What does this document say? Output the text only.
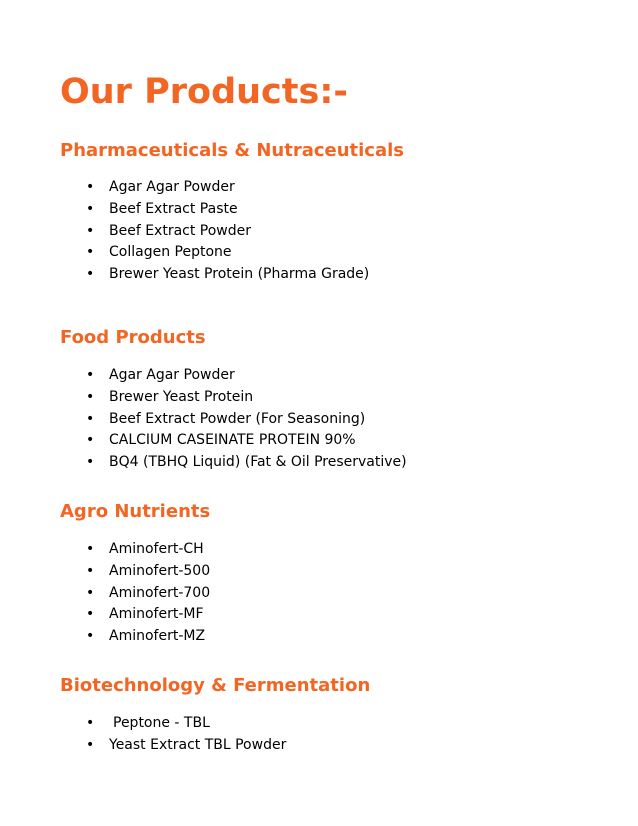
Our Products:-
Pharmaceuticals & Nutraceuticals
• Agar Agar Powder
• Beef Extract Paste
• Beef Extract Powder
• Collagen Peptone
• Brewer Yeast Protein (Pharma Grade)
Food Products
• Agar Agar Powder
• Brewer Yeast Protein
• Beef Extract Powder (For Seasoning)
• CALCIUM CASEINATE PROTEIN 90%
• BQ4 (TBHQ Liquid) (Fat & Oil Preservative)
Agro Nutrients
• Aminofert-CH
• Aminofert-500
• Aminofert-700
• Aminofert-MF
• Aminofert-MZ
Biotechnology & Fermentation
• Peptone - TBL
• Yeast Extract TBL Powder
